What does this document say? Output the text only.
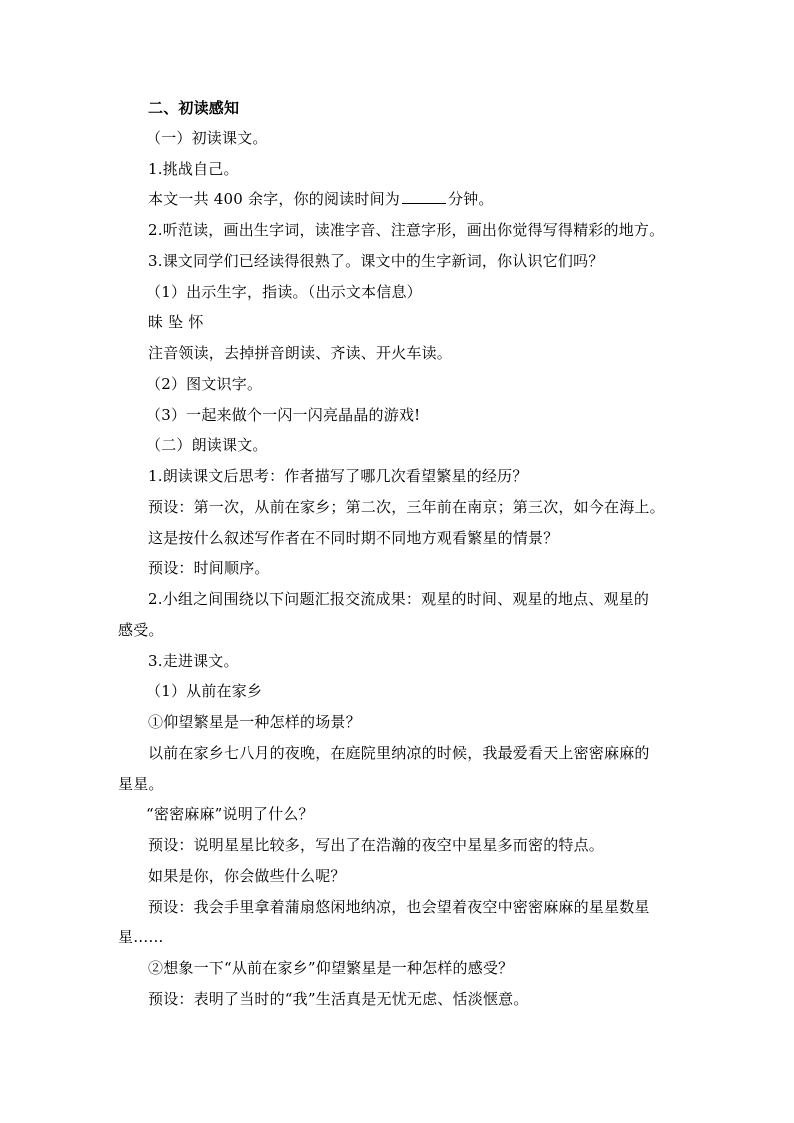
二、初读感知
（一）初读课文。
1.挑战自己。
本文一共 400 余字，你的阅读时间为	分钟。
2.听范读，画出生字词，读准字音、注意字形，画出你觉得写得精彩的地方。
3.课文同学们已经读得很熟了。课文中的生字新词，你认识它们吗？
（1）出示生字，指读。（出示文本信息）
昧 坠 怀
注音领读，去掉拼音朗读、齐读、开火车读。
（2）图文识字。
（3）一起来做个一闪一闪亮晶晶的游戏!
（二）朗读课文。
1.朗读课文后思考：作者描写了哪几次看望繁星的经历？
预设：第一次，从前在家乡；第二次，三年前在南京；第三次，如今在海上。
这是按什么叙述写作者在不同时期不同地方观看繁星的情景？
预设：时间顺序。
2.小组之间围绕以下问题汇报交流成果：观星的时间、观星的地点、观星的
感受。
3.走进课文。
（1）从前在家乡
①仰望繁星是一种怎样的场景？
以前在家乡七八月的夜晚，在庭院里纳凉的时候，我最爱看天上密密麻麻的
星星。
“密密麻麻”说明了什么？
预设：说明星星比较多，写出了在浩瀚的夜空中星星多而密的特点。
如果是你，你会做些什么呢？
预设：我会手里拿着蒲扇悠闲地纳凉，也会望着夜空中密密麻麻的星星数星
星……
②想象一下“从前在家乡”仰望繁星是一种怎样的感受？
预设：表明了当时的“我”生活真是无忧无虑、恬淡惬意。
